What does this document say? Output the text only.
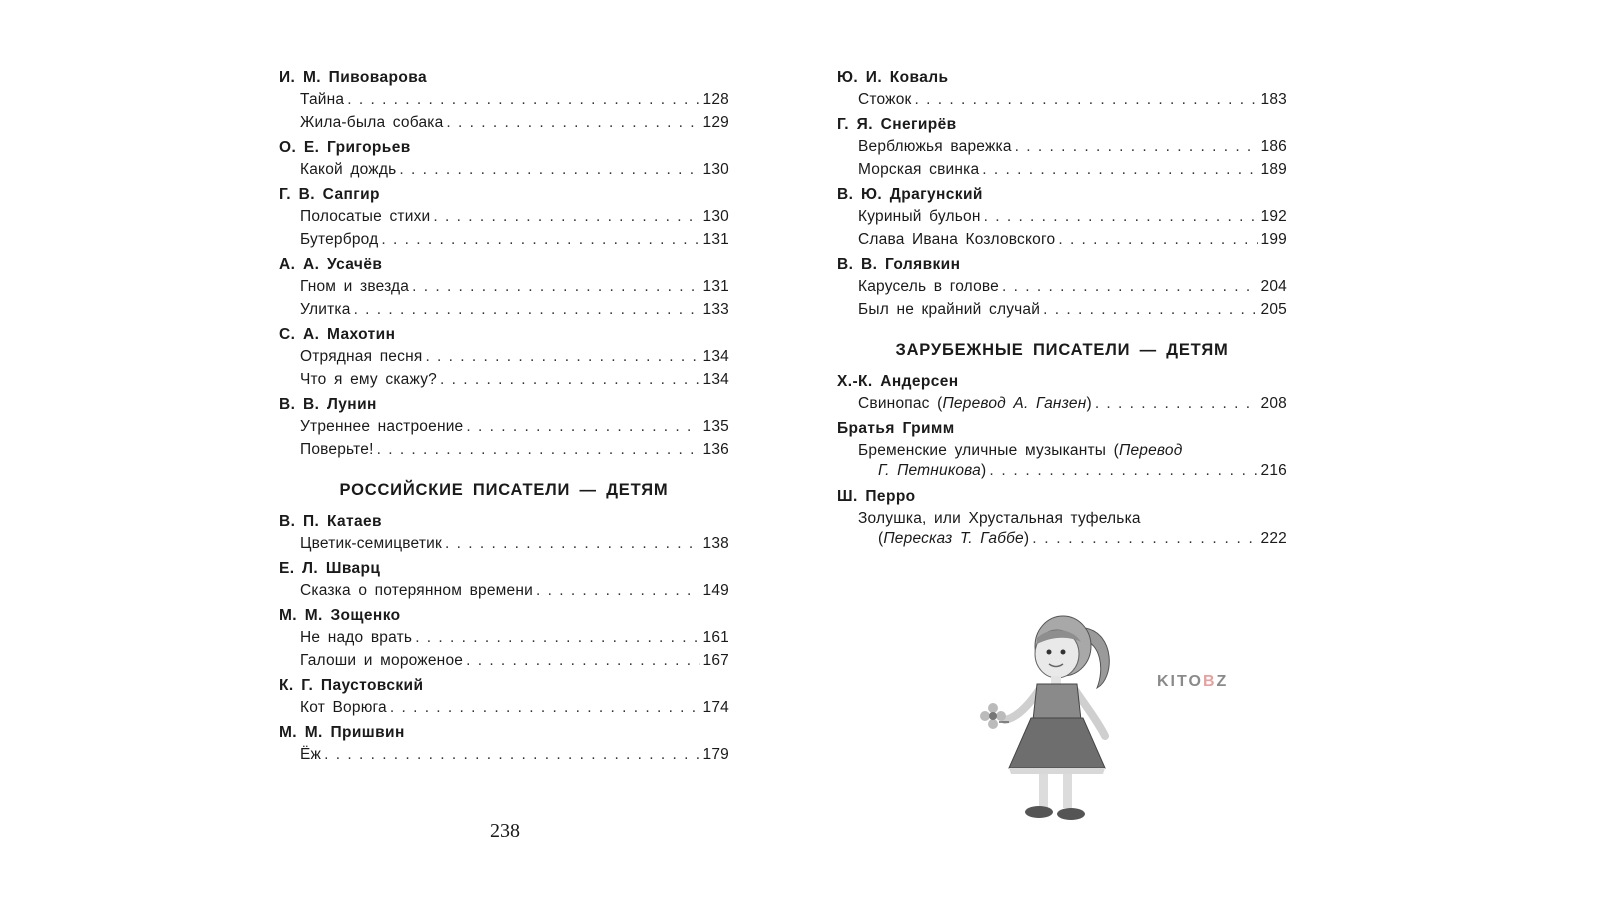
И. М. Пивоварова
Тайна . . .	128
Жила-была собака . . .	129
О. Е. Григорьев
Какой дождь . . .	130
Г. В. Сапгир
Полосатые стихи . . .	130
Бутерброд . . .	131
А. А. Усачёв
Гном и звезда . . .	131
Улитка . . .	133
С. А. Махотин
Отрядная песня . . .	134
Что я ему скажу? . . .	134
В. В. Лунин
Утреннее настроение . . .	135
Поверьте! . . .	136
РОССИЙСКИЕ ПИСАТЕЛИ — ДЕТЯМ
В. П. Катаев
Цветик-семицветик . . .	138
Е. Л. Шварц
Сказка о потерянном времени . . .	149
М. М. Зощенко
Не надо врать . . .	161
Галоши и мороженое . . .	167
К. Г. Паустовский
Кот Ворюга . . .	174
М. М. Пришвин
Ёж . . .	179
Ю. И. Коваль
Стожок . . .	183
Г. Я. Снегирёв
Верблюжья варежка . . .	186
Морская свинка . . .	189
В. Ю. Драгунский
Куриный бульон . . .	192
Слава Ивана Козловского . . .	199
В. В. Голявкин
Карусель в голове . . .	204
Был не крайний случай . . .	205
ЗАРУБЕЖНЫЕ ПИСАТЕЛИ — ДЕТЯМ
Х.-К. Андерсен
Свинопас (Перевод А. Ганзен) . . .	208
Братья Гримм
Бременские уличные музыканты (Перевод
Г. Петникова) . . .	216
Ш. Перро
Золушка, или Хрустальная туфелька
(Пересказ Т. Габбе) . . .	222
KITOBZ
238
